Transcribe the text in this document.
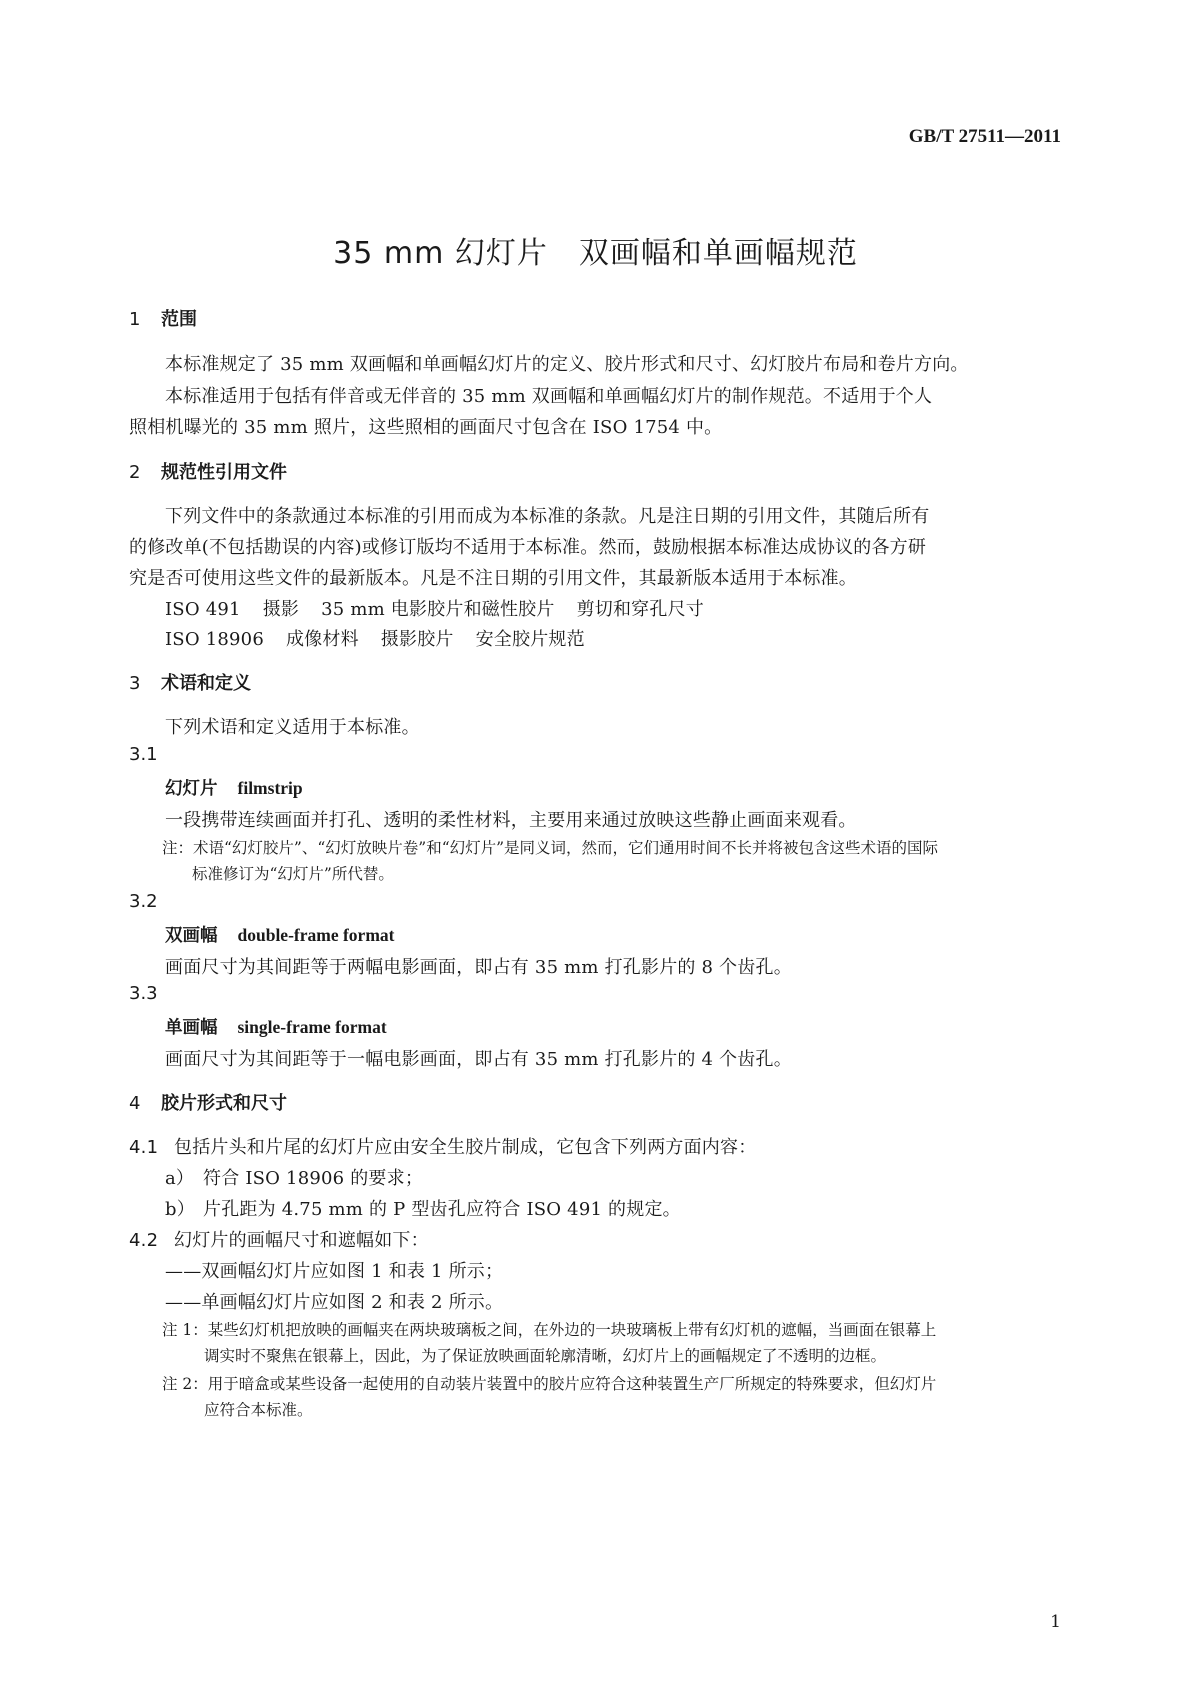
GB/T 27511—2011
35 mm 幻灯片　双画幅和单画幅规范
1 范围
本标准规定了 35 mm 双画幅和单画幅幻灯片的定义、胶片形式和尺寸、幻灯胶片布局和卷片方向。
本标准适用于包括有伴音或无伴音的 35 mm 双画幅和单画幅幻灯片的制作规范。不适用于个人
照相机曝光的 35 mm 照片，这些照相的画面尺寸包含在 ISO 1754 中。
2 规范性引用文件
下列文件中的条款通过本标准的引用而成为本标准的条款。凡是注日期的引用文件，其随后所有
的修改单(不包括勘误的内容)或修订版均不适用于本标准。然而，鼓励根据本标准达成协议的各方研
究是否可使用这些文件的最新版本。凡是不注日期的引用文件，其最新版本适用于本标准。
ISO 491 摄影 35 mm 电影胶片和磁性胶片 剪切和穿孔尺寸
ISO 18906 成像材料 摄影胶片 安全胶片规范
3 术语和定义
下列术语和定义适用于本标准。
3.1
幻灯片 filmstrip
一段携带连续画面并打孔、透明的柔性材料，主要用来通过放映这些静止画面来观看。
注：术语“幻灯胶片”、“幻灯放映片卷”和“幻灯片”是同义词，然而，它们通用时间不长并将被包含这些术语的国际
标准修订为“幻灯片”所代替。
3.2
双画幅 double-frame format
画面尺寸为其间距等于两幅电影画面，即占有 35 mm 打孔影片的 8 个齿孔。
3.3
单画幅 single-frame format
画面尺寸为其间距等于一幅电影画面，即占有 35 mm 打孔影片的 4 个齿孔。
4 胶片形式和尺寸
4.1 包括片头和片尾的幻灯片应由安全生胶片制成，它包含下列两方面内容：
a） 符合 ISO 18906 的要求；
b） 片孔距为 4.75 mm 的 P 型齿孔应符合 ISO 491 的规定。
4.2 幻灯片的画幅尺寸和遮幅如下：
——双画幅幻灯片应如图 1 和表 1 所示；
——单画幅幻灯片应如图 2 和表 2 所示。
注 1：某些幻灯机把放映的画幅夹在两块玻璃板之间，在外边的一块玻璃板上带有幻灯机的遮幅，当画面在银幕上
调实时不聚焦在银幕上，因此，为了保证放映画面轮廓清晰，幻灯片上的画幅规定了不透明的边框。
注 2：用于暗盒或某些设备一起使用的自动装片装置中的胶片应符合这种装置生产厂所规定的特殊要求，但幻灯片
应符合本标准。
1
